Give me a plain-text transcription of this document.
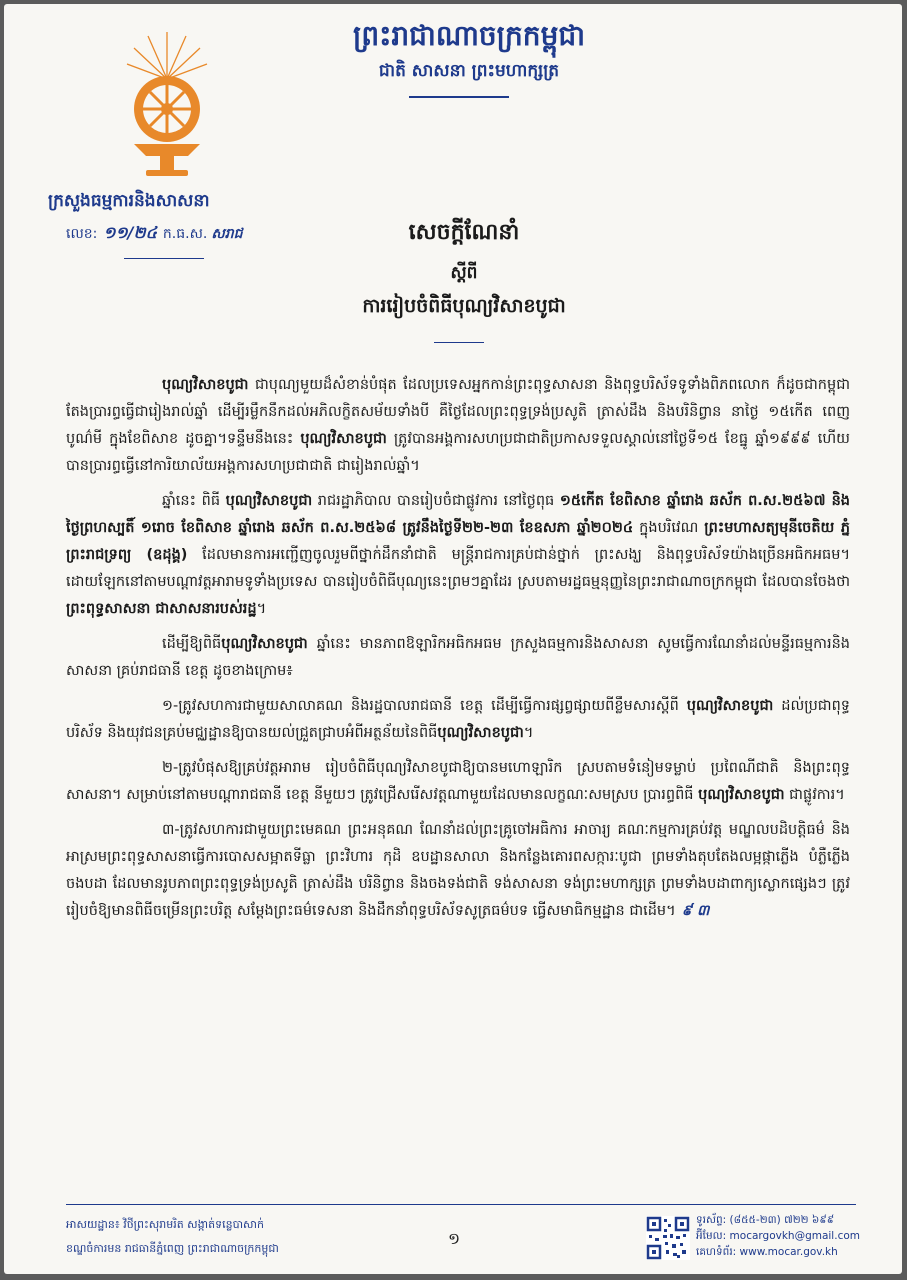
ព្រះរាជាណាចក្រកម្ពុជា
ជាតិ សាសនា ព្រះមហាក្សត្រ
ក្រសួងធម្មការនិងសាសនា
លេខ: ១១/២៤ ក.ធ.ស. សរាជ	សេចក្តីណែនាំ
ស្តីពី
ការរៀបចំពិធីបុណ្យវិសាខបូជា

បុណ្យវិសាខបូជា ជាបុណ្យមួយដ៏សំខាន់បំផុត ដែលប្រទេសអ្នកកាន់ព្រះពុទ្ធសាសនា និងពុទ្ធបរិស័ទទូទាំងពិភពលោក ក៏ដូចជាកម្ពុជា តែងប្រារព្ធធ្វើជារៀងរាល់ឆ្នាំ ដើម្បីរម្លឹកនឹកដល់អភិលក្ខិតសម័យទាំងបី គឺថ្ងៃដែលព្រះពុទ្ធទ្រង់ប្រសូតិ ត្រាស់ដឹង និងបរិនិព្វាន នាថ្ងៃ ១៥កើត ពេញបូណ៌មី ក្នុងខែពិសាខ ដូចគ្នា។ទន្ទឹមនឹងនេះ បុណ្យវិសាខបូជា ត្រូវបានអង្គការសហប្រជាជាតិប្រកាសទទួលស្គាល់នៅថ្ងៃទី១៥ ខែធ្នូ ឆ្នាំ១៩៩៩ ហើយបានប្រារព្ធធ្វើនៅការិយាល័យអង្គការសហប្រជាជាតិ ជារៀងរាល់ឆ្នាំ។

ឆ្នាំនេះ ពិធី បុណ្យវិសាខបូជា រាជរដ្ឋាភិបាល បានរៀបចំជាផ្លូវការ នៅថ្ងៃពុធ ១៥កើត ខែពិសាខ ឆ្នាំរោង ឆស័ក ព.ស.២៥៦៧ និងថ្ងៃព្រហស្បតិ៍ ១រោច ខែពិសាខ ឆ្នាំរោង ឆស័ក ព.ស.២៥៦៨ ត្រូវនឹងថ្ងៃទី២២-២៣ ខែឧសភា ឆ្នាំ២០២៤ ក្នុងបរិវេណ ព្រះមហាសត្យមុនីចេតិយ ភ្នំព្រះរាជទ្រព្យ (ឧដុង្គ) ដែលមានការអញ្ជើញចូលរួមពីថ្នាក់ដឹកនាំជាតិ មន្ត្រីរាជការគ្រប់ជាន់ថ្នាក់ ព្រះសង្ឃ និងពុទ្ធបរិស័ទយ៉ាងច្រើនអធិកអធម។ ដោយឡែកនៅតាមបណ្តាវត្តអារាមទូទាំងប្រទេស បានរៀបចំពិធីបុណ្យនេះព្រមៗគ្នាដែរ ស្របតាមរដ្ឋធម្មនុញ្ញនៃព្រះរាជាណាចក្រកម្ពុជា ដែលបានចែងថា ព្រះពុទ្ធសាសនា ជាសាសនារបស់រដ្ឋ។

ដើម្បីឱ្យពិធីបុណ្យវិសាខបូជា ឆ្នាំនេះ មានភាពឱឡារិកអធិកអធម ក្រសួងធម្មការនិងសាសនា សូមធ្វើការណែនាំដល់មន្ទីរធម្មការនិងសាសនា គ្រប់រាជធានី ខេត្ត ដូចខាងក្រោម៖

១-ត្រូវសហការជាមួយសាលាគណ និងរដ្ឋបាលរាជធានី ខេត្ត ដើម្បីធ្វើការផ្សព្វផ្សាយពីខ្លឹមសារស្តីពី បុណ្យវិសាខបូជា ដល់ប្រជាពុទ្ធបរិស័ទ និងយុវជនគ្រប់មជ្ឈដ្ឋានឱ្យបានយល់ជ្រួតជ្រាបអំពីអត្ថន័យនៃពិធីបុណ្យវិសាខបូជា។

២-ត្រូវបំផុសឱ្យគ្រប់វត្តអារាម រៀបចំពិធីបុណ្យវិសាខបូជាឱ្យបានមហោឡារិក ស្របតាមទំនៀមទម្លាប់ ប្រពៃណីជាតិ និងព្រះពុទ្ធសាសនា។ សម្រាប់នៅតាមបណ្តារាជធានី ខេត្ត នីមួយៗ ត្រូវជ្រើសរើសវត្តណាមួយដែលមានលក្ខណៈសមស្រប ប្រារព្ធពិធី បុណ្យវិសាខបូជា ជាផ្លូវការ។

៣-ត្រូវសហការជាមួយព្រះមេគណ ព្រះអនុគណ ណែនាំដល់ព្រះគ្រូចៅអធិការ អាចារ្យ គណៈកម្មការគ្រប់វត្ត មណ្ឌលបដិបត្តិធម៌ និងអាស្រមព្រះពុទ្ធសាសនាធ្វើការបោសសម្អាតទីធ្លា ព្រះវិហារ កុដិ ឧបដ្ឋានសាលា និងកន្លែងគោរពសក្ការៈបូជា ព្រមទាំងតុបតែងលម្អផ្កាភ្លើង បំភ្លឺភ្លើង ចងបដា ដែលមានរូបភាពព្រះពុទ្ធទ្រង់ប្រសូតិ ត្រាស់ដឹង បរិនិព្វាន និងចងទង់ជាតិ ទង់សាសនា ទង់ព្រះមហាក្សត្រ ព្រមទាំងបដាពាក្យស្លោកផ្សេងៗ ត្រូវរៀបចំឱ្យមានពិធីចម្រើនព្រះបរិត្ត សម្តែងព្រះធម៌ទេសនា និងដឹកនាំពុទ្ធបរិស័ទសូត្រធម៌បទ ធ្វើសមាធិកម្មដ្ឋាន ជាដើម។ ៩ ៣

អាសយដ្ឋាន៖ វិថីព្រះសុរាមរិត សង្កាត់ទន្លេបាសាក់
ខណ្ឌចំការមន រាជធានីភ្នំពេញ ព្រះរាជាណាចក្រកម្ពុជា
១
ទូរស័ព្ទ: (៨៥៥-២៣) ៧២២ ៦៩៩
អ៊ីមែល: mocargovkh@gmail.com
គេហទំព័រ: www.mocar.gov.kh
